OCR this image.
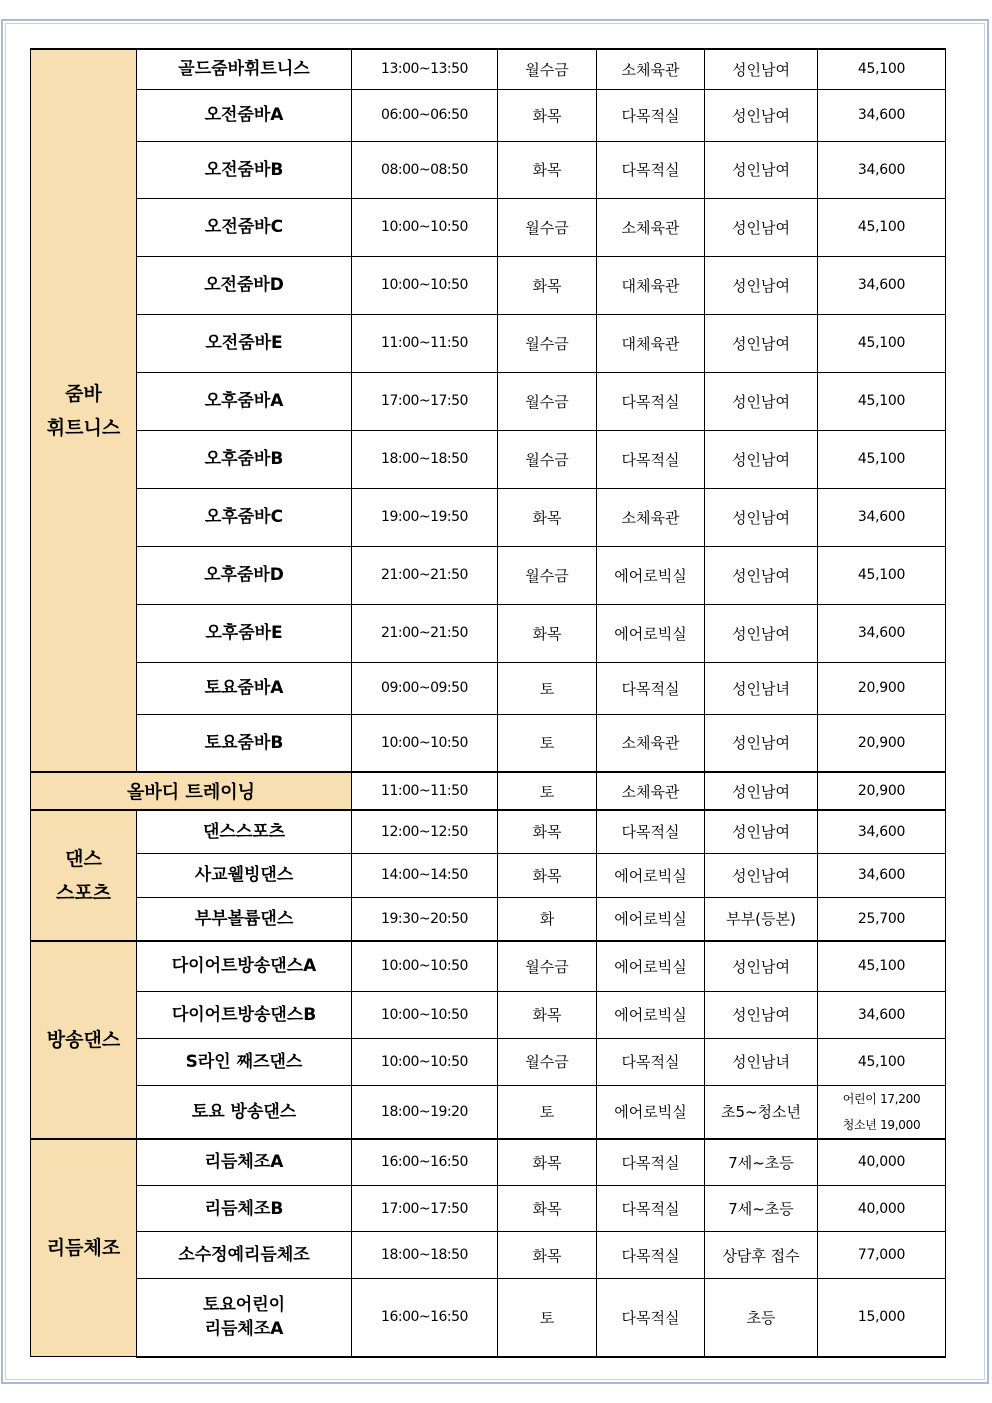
줌바
휘트니스	골드줌바휘트니스	13:00~13:50	월수금	소체육관	성인남여	45,100

	오전줌바A	06:00~06:50	화목	다목적실	성인남여	34,600

	오전줌바B	08:00~08:50	화목	다목적실	성인남여	34,600

	오전줌바C	10:00~10:50	월수금	소체육관	성인남여	45,100

	오전줌바D	10:00~10:50	화목	대체육관	성인남여	34,600

	오전줌바E	11:00~11:50	월수금	대체육관	성인남여	45,100

	오후줌바A	17:00~17:50	월수금	다목적실	성인남여	45,100

	오후줌바B	18:00~18:50	월수금	다목적실	성인남여	45,100

	오후줌바C	19:00~19:50	화목	소체육관	성인남여	34,600

	오후줌바D	21:00~21:50	월수금	에어로빅실	성인남여	45,100

	오후줌바E	21:00~21:50	화목	에어로빅실	성인남여	34,600

	토요줌바A	09:00~09:50	토	다목적실	성인남녀	20,900

	토요줌바B	10:00~10:50	토	소체육관	성인남여	20,900

올바디 트레이닝		11:00~11:50	토	소체육관	성인남여	20,900

댄스
스포츠	댄스스포츠	12:00~12:50	화목	다목적실	성인남여	34,600

	사교웰빙댄스	14:00~14:50	화목	에어로빅실	성인남여	34,600

	부부볼륨댄스	19:30~20:50	화	에어로빅실	부부(등본)	25,700

방송댄스	다이어트방송댄스A	10:00~10:50	월수금	에어로빅실	성인남여	45,100

	다이어트방송댄스B	10:00~10:50	화목	에어로빅실	성인남여	34,600

	S라인 째즈댄스	10:00~10:50	월수금	다목적실	성인남녀	45,100

	토요 방송댄스	18:00~19:20	토	에어로빅실	초5~청소년	어린이 17,200
청소년 19,000

리듬체조	리듬체조A	16:00~16:50	화목	다목적실	7세~초등	40,000

	리듬체조B	17:00~17:50	화목	다목적실	7세~초등	40,000

	소수정예리듬체조	18:00~18:50	화목	다목적실	상담후 접수	77,000

	토요어린이
리듬체조A	16:00~16:50	토	다목적실	초등	15,000
